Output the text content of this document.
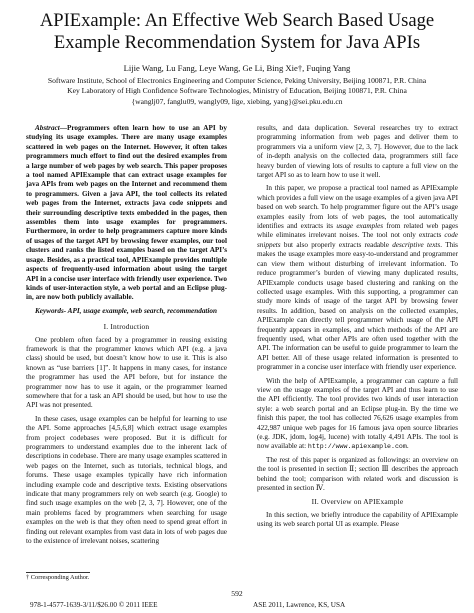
APIExample: An Effective Web Search Based Usage
Example Recommendation System for Java APIs
Lijie Wang, Lu Fang, Leye Wang, Ge Li, Bing Xie†, Fuqing Yang
Software Institute, School of Electronics Engineering and Computer Science, Peking University, Beijing 100871, P.R. China
Key Laboratory of High Confidence Software Technologies, Ministry of Education, Beijing 100871, P.R. China
{wanglj07, fanglu09, wangly09, lige, xiebing, yang}@sei.pku.edu.cn

Abstract—Programmers often learn how to use an API by studying its usage examples. There are many usage examples scattered in web pages on the Internet. However, it often takes programmers much effort to find out the desired examples from a large number of web pages by web search. This paper proposes a tool named APIExample that can extract usage examples for java APIs from web pages on the Internet and recommend them to programmers. Given a java API, the tool collects its related web pages from the Internet, extracts java code snippets and their surrounding descriptive texts embedded in the pages, then assembles them into usage examples for programmers. Furthermore, in order to help programmers capture more kinds of usages of the target API by browsing fewer examples, our tool clusters and ranks the listed examples based on the target API’s usage. Besides, as a practical tool, APIExample provides multiple aspects of frequently-used information about using the target API in a concise user interface with friendly user experience. Two kinds of user-interaction style, a web portal and an Eclipse plug-in, are now both publicly available.

Keywords- API, usage example, web search, recommendation

I. Introduction

One problem often faced by a programmer in reusing existing framework is that the programmer knows which API (e.g. a java class) should be used, but doesn’t know how to use it. This is also known as “use barriers [1]”. It happens in many cases, for instance the programmer has used the API before, but for instance the programmer now has to use it again, or the programmer learned somewhere that for a task an API should be used, but how to use the API was not presented.

In these cases, usage examples can be helpful for learning to use the API. Some approaches [4,5,6,8] which extract usage examples from project codebases were proposed. But it is difficult for programmers to understand examples due to the inherent lack of descriptions in codebase. There are many usage examples scattered in web pages on the Internet, such as tutorials, technical blogs, and forums. These usage examples typically have rich information including example code and descriptive texts. Existing observations indicate that many programmers rely on web search (e.g. Google) to find such usage examples on the web [2, 3, 7]. However, one of the main problems faced by programmers when searching for usage examples on the web is that they often need to spend great effort in finding out relevant examples from vast data in lots of web pages due to the existence of irrelevant noises, scattering

results, and data duplication. Several researches try to extract programming information from web pages and deliver them to programmers via a uniform view [2, 3, 7]. However, due to the lack of in-depth analysis on the collected data, programmers still face heavy burden of viewing lots of results to capture a full view on the target API so as to learn how to use it well.

In this paper, we propose a practical tool named as APIExample which provides a full view on the usage examples of a given java API based on web search. To help programmer figure out the API’s usage examples easily from lots of web pages, the tool automatically identifies and extracts its usage examples from related web pages while eliminates irrelevant noises. The tool not only extracts code snippets but also properly extracts readable descriptive texts. This makes the usage examples more easy-to-understand and programmer can view them without disturbing of irrelevant information. To reduce programmer’s burden of viewing many duplicated results, APIExample conducts usage based clustering and ranking on the collected usage examples. With this supporting, a programmer can study more kinds of usage of the target API by browsing fewer results. In addition, based on analysis on the collected examples, APIExample can directly tell programmer which usage of the API frequently appears in examples, and which methods of the API are frequently used, what other APIs are often used together with the API. The information can be useful to guide programmer to learn the API better. All of these usage related information is presented to programmer in a concise user interface with friendly user experience.

With the help of APIExample, a programmer can capture a full view on the usage examples of the target API and thus learn to use the API efficiently. The tool provides two kinds of user interaction style: a web search portal and an Eclipse plug-in. By the time we finish this paper, the tool has collected 76,626 usage examples from 422,987 unique web pages for 16 famous java open source libraries (e.g. JDK, jdom, log4j, lucene) with totally 4,491 APIs. The tool is now available at: http://www.apiexample.com.

The rest of this paper is organized as followings: an overview on the tool is presented in section Ⅱ; section Ⅲ describes the approach behind the tool; comparison with related work and discussion is presented in section Ⅳ.

II. Overview on APIExample

In this section, we briefly introduce the capability of APIExample using its web search portal UI as example. Please

† Corresponding Author.
592
978-1-4577-1639-3/11/$26.00 © 2011 IEEE	ASE 2011, Lawrence, KS, USA
